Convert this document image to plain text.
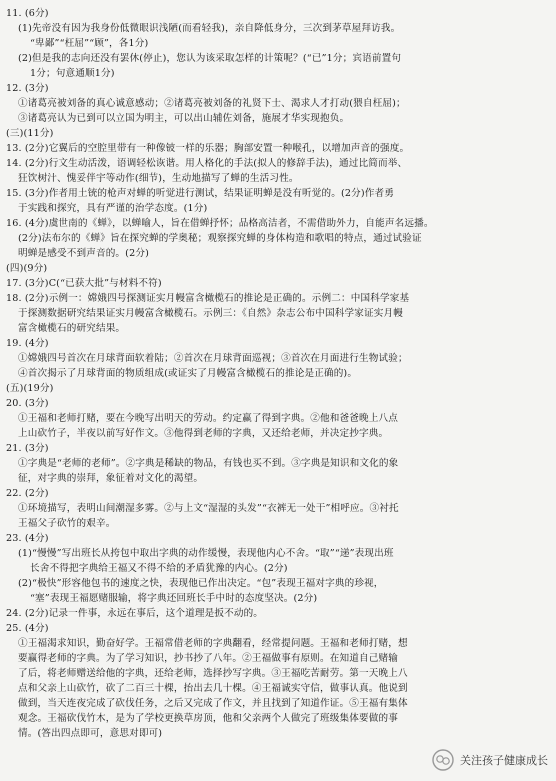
11. (6分)
(1)先帝没有因为我身份低微眼识浅陋(而看轻我)，亲自降低身分，三次到茅草屋拜访我。
“卑鄙”“枉屈”“顾”，各1分)
(2)但是我的志向还没有罢休(停止)，您认为该采取怎样的计策呢？(“已”1分；宾语前置句
1分；句意通顺1分)
12. (3分)
①诸葛亮被刘备的真心诚意感动；②诸葛亮被刘备的礼贤下士、渴求人才打动(猥自枉屈)；
③诸葛亮认为已到可以立国为明主，可以出山辅佐刘备，施展才华实现抱负。
(三)(11分)
13. (2分)它翼后的空腔里带有一种像铍一样的乐器；胸部安置一种喉孔，以增加声音的强度。
14. (2分)行文生动活泼，语调轻松诙谐。用人格化的手法(拟人的修辞手法)，通过比简而举、
狂饮树汁、愧妥伴宇等动作(细节)，生动地描写了蝉的生活习性。
15. (3分)作者用土铳的枪声对蝉的听觉进行测试，结果证明蝉是没有听觉的。(2分)作者勇
于实践和探究，具有严谨的治学态度。(1分)
16. (4分)虞世南的《蝉》，以蝉喻人，旨在借蝉抒怀；品格高洁者，不需借助外力，自能声名远播。
(2分)法布尔的《蝉》旨在探究蝉的学奥秘；观察探究蝉的身体构造和歌唱的特点，通过试验证
明蝉是感受不到声音的。(2分)
(四)(9分)
17. (3分)C(“已获大批”与材料不符)
18. (2分)示例一：嫦娥四号探测证实月幔富含橄榄石的推论是正确的。示例二：中国科学家基
于探测数据研究结果证实月幔富含橄榄石。示例三：《自然》杂志公布中国科学家证实月幔
富含橄榄石的研究结果。
19. (4分)
①嫦娥四号首次在月球背面软着陆；②首次在月球背面巡视；③首次在月面进行生物试验；
④首次揭示了月球背面的物质组成(或证实了月幔富含橄榄石的推论是正确的)。
(五)(19分)
20. (3分)
①王福和老师打赌，要在今晚写出明天的劳动。约定赢了得到字典。②他和爸爸晚上八点
上山砍竹子，半夜以前写好作文。③他得到老师的字典，又还给老师，并决定抄字典。
21. (3分)
①字典是“老师的老师”。②字典是稀缺的物品，有钱也买不到。③字典是知识和文化的象
征，对字典的崇拜，象征着对文化的渴望。
22. (2分)
①环境描写，表明山间潮湿多雾。②与上文“湿湿的头发”“衣裤无一处干”相呼应。③衬托
王福父子砍竹的艰辛。
23. (4分)
(1)“慢慢”写出班长从挎包中取出字典的动作缓慢，表现他内心不舍。“取”“递”表现出班
长舍不得把字典给王福又不得不给的矛盾犹豫的内心。(2分)
(2)“极快”形容他包书的速度之快，表现他已作出决定。“包”表现王福对字典的珍视，
“塞”表现王福愿赌服输，将字典还回班长手中时的态度坚决。(2分)
24. (2分)记录一件事，永远在事后，这个道理是扳不动的。
25. (4分)
①王福渴求知识，勤奋好学。王福常借老师的字典翻看，经常提问题。王福和老师打赌，想
要赢得老师的字典。为了学习知识，抄书抄了八年。②王福做事有原则。在知道自己赌输
了后，将老师赠送给他的字典，还给老师，选择抄写字典。③王福吃苦耐劳。第一天晚上八
点和父亲上山砍竹，砍了二百三十棵，抬出去几十棵。④王福诚实守信，做事认真。他说到
做到，当天连夜完成了砍伐任务，之后又完成了作文，并且找到了知道作证。⑤王福有集体
观念。王福砍伐竹木，是为了学校更换草房顶，他和父亲两个人做完了班级集体要做的事
情。(答出四点即可，意思对即可)
关注孩子健康成长
